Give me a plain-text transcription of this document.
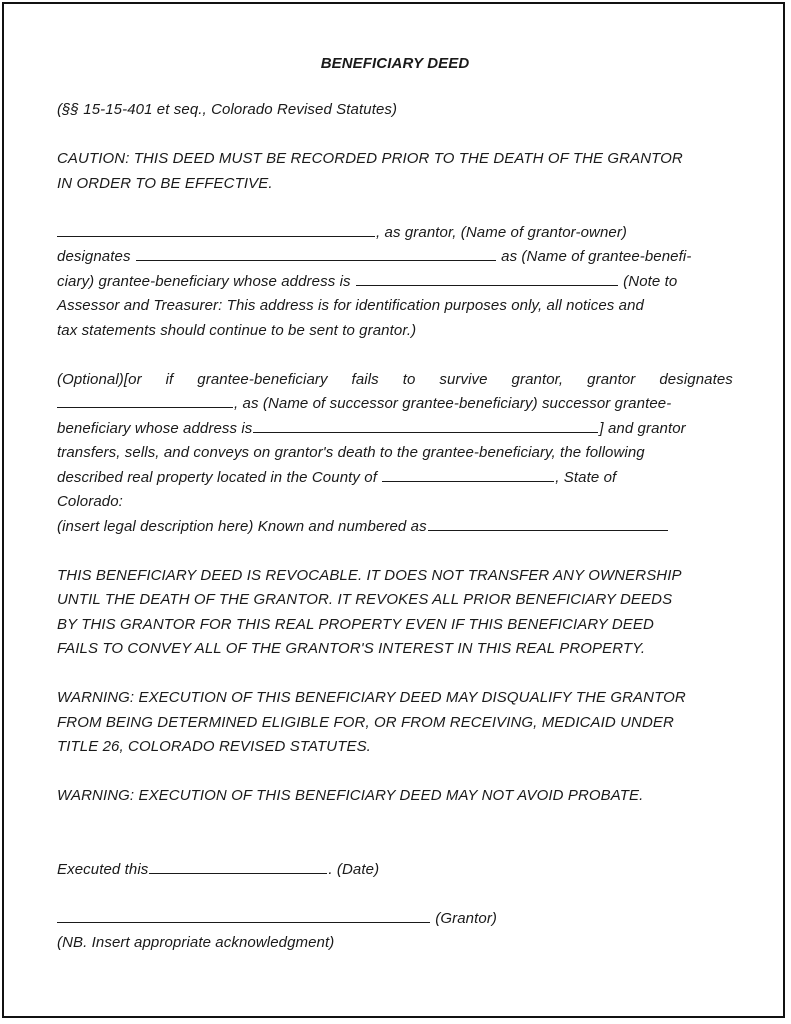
BENEFICIARY DEED

(§§ 15-15-401 et seq., Colorado Revised Statutes)

CAUTION: THIS DEED MUST BE RECORDED PRIOR TO THE DEATH OF THE GRANTOR
IN ORDER TO BE EFFECTIVE.
, as grantor, (Name of grantor-owner)
designates	as (Name of grantee-benefi-
ciary) grantee-beneficiary whose address is	(Note to
Assessor and Treasurer: This address is for identification purposes only, all notices and
tax statements should continue to be sent to grantor.)
(Optional)[or if grantee-beneficiary fails to survive grantor, grantor designates
, as (Name of successor grantee-beneficiary) successor grantee-
beneficiary whose address is	] and grantor
transfers, sells, and conveys on grantor's death to the grantee-beneficiary, the following
described real property located in the County of	, State of
Colorado:
(insert legal description here) Known and numbered as
THIS BENEFICIARY DEED IS REVOCABLE. IT DOES NOT TRANSFER ANY OWNERSHIP
UNTIL THE DEATH OF THE GRANTOR. IT REVOKES ALL PRIOR BENEFICIARY DEEDS
BY THIS GRANTOR FOR THIS REAL PROPERTY EVEN IF THIS BENEFICIARY DEED
FAILS TO CONVEY ALL OF THE GRANTOR'S INTEREST IN THIS REAL PROPERTY.
WARNING: EXECUTION OF THIS BENEFICIARY DEED MAY DISQUALIFY THE GRANTOR
FROM BEING DETERMINED ELIGIBLE FOR, OR FROM RECEIVING, MEDICAID UNDER
TITLE 26, COLORADO REVISED STATUTES.

WARNING: EXECUTION OF THIS BENEFICIARY DEED MAY NOT AVOID PROBATE.

Executed this	. (Date)
(Grantor)
(NB. Insert appropriate acknowledgment)
